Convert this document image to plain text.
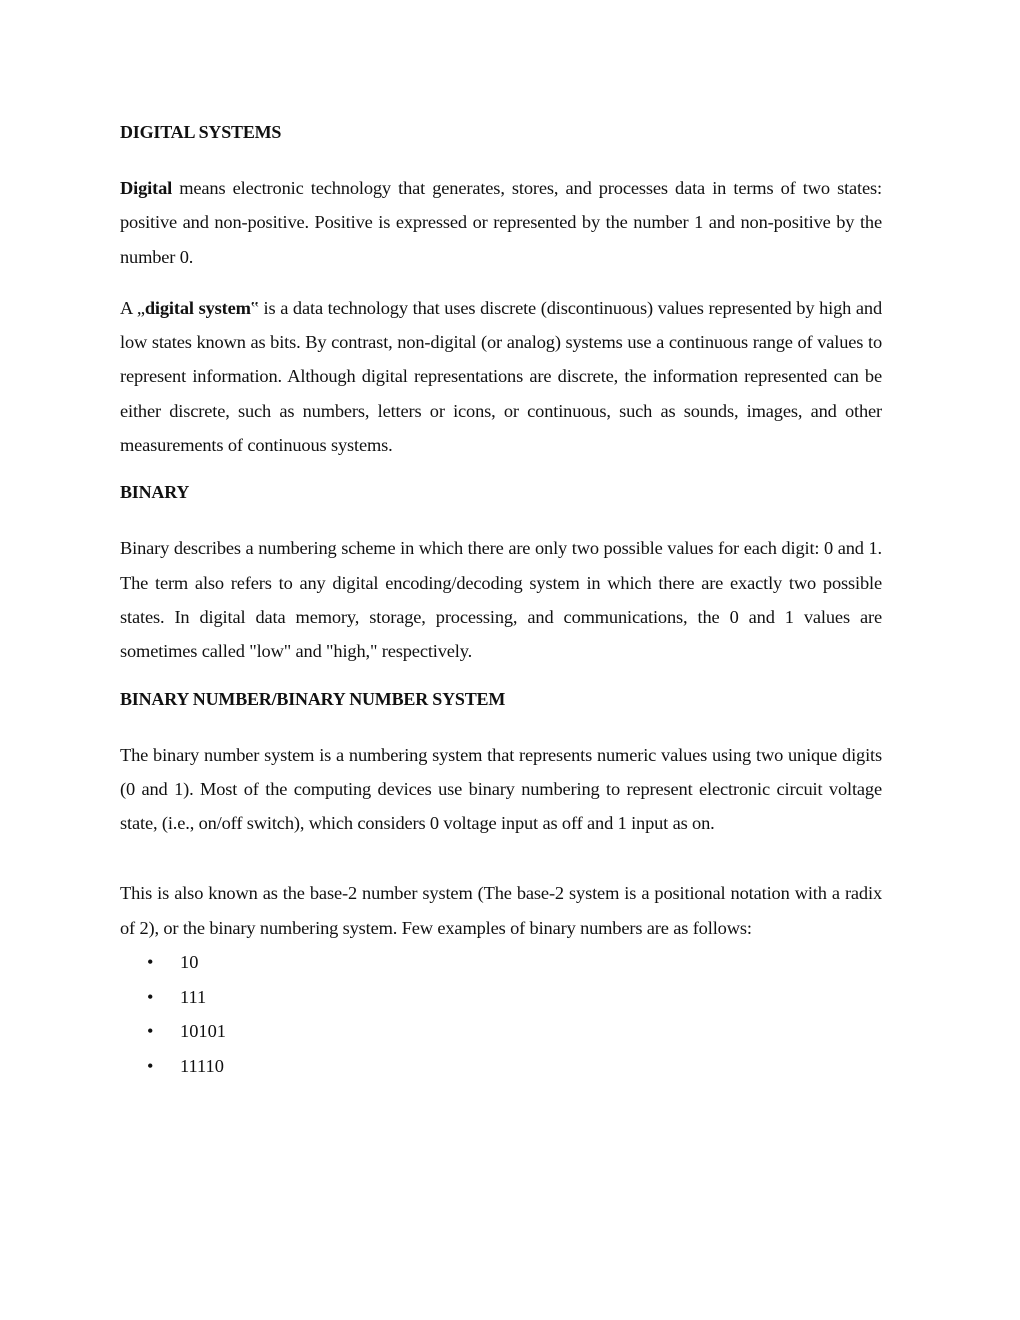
DIGITAL SYSTEMS

Digital means electronic technology that generates, stores, and processes data in terms of two states: positive and non-positive. Positive is expressed or represented by the number 1 and non-positive by the number 0.

A „digital system‟ is a data technology that uses discrete (discontinuous) values represented by high and low states known as bits. By contrast, non-digital (or analog) systems use a continuous range of values to represent information. Although digital representations are discrete, the information represented can be either discrete, such as numbers, letters or icons, or continuous, such as sounds, images, and other measurements of continuous systems.

BINARY

Binary describes a numbering scheme in which there are only two possible values for each digit: 0 and 1. The term also refers to any digital encoding/decoding system in which there are exactly two possible states. In digital data memory, storage, processing, and communications, the 0 and 1 values are sometimes called "low" and "high," respectively.

BINARY NUMBER/BINARY NUMBER SYSTEM

The binary number system is a numbering system that represents numeric values using two unique digits (0 and 1). Most of the computing devices use binary numbering to represent electronic circuit voltage state, (i.e., on/off switch), which considers 0 voltage input as off and 1 input as on.

This is also known as the base-2 number system (The base-2 system is a positional notation with a radix of 2), or the binary numbering system. Few examples of binary numbers are as follows:

• 10
• 111
• 10101
• 11110
